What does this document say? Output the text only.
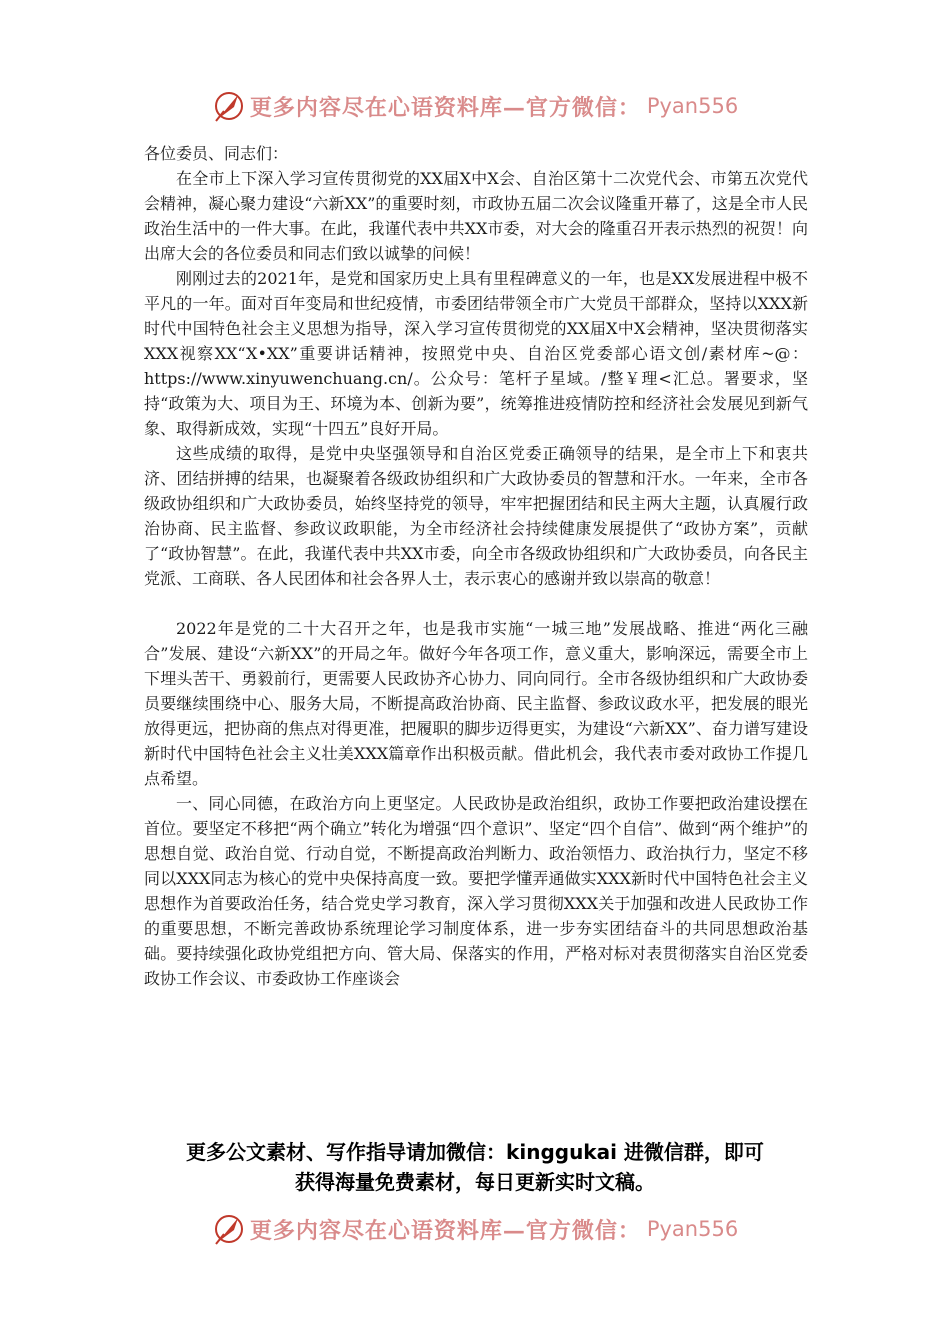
更多内容尽在心语资料库—官方微信： Pyan556

各位委员、同志们：

在全市上下深入学习宣传贯彻党的XX届X中X会、自治区第十二次党代会、市第五次党代会精神，凝心聚力建设“六新XX”的重要时刻，市政协五届二次会议隆重开幕了，这是全市人民政治生活中的一件大事。在此，我谨代表中共XX市委，对大会的隆重召开表示热烈的祝贺！向出席大会的各位委员和同志们致以诚挚的问候！

刚刚过去的2021年，是党和国家历史上具有里程碑意义的一年，也是XX发展进程中极不平凡的一年。面对百年变局和世纪疫情，市委团结带领全市广大党员干部群众，坚持以XXX新时代中国特色社会主义思想为指导，深入学习宣传贯彻党的XX届X中X会精神，坚决贯彻落实XXX视察XX“X•XX”重要讲话精神，按照党中央、自治区党委部心语文创/素材库~@：https://www.xinyuwenchuang.cn/。公众号：笔杆子星域。/整￥理<汇总。署要求，坚持“政策为大、项目为王、环境为本、创新为要”，统筹推进疫情防控和经济社会发展见到新气象、取得新成效，实现“十四五”良好开局。

这些成绩的取得，是党中央坚强领导和自治区党委正确领导的结果，是全市上下和衷共济、团结拼搏的结果，也凝聚着各级政协组织和广大政协委员的智慧和汗水。一年来，全市各级政协组织和广大政协委员，始终坚持党的领导，牢牢把握团结和民主两大主题，认真履行政治协商、民主监督、参政议政职能，为全市经济社会持续健康发展提供了“政协方案”，贡献了“政协智慧”。在此，我谨代表中共XX市委，向全市各级政协组织和广大政协委员，向各民主党派、工商联、各人民团体和社会各界人士，表示衷心的感谢并致以崇高的敬意！

2022年是党的二十大召开之年，也是我市实施“一城三地”发展战略、推进“两化三融合”发展、建设“六新XX”的开局之年。做好今年各项工作，意义重大，影响深远，需要全市上下埋头苦干、勇毅前行，更需要人民政协齐心协力、同向同行。全市各级协组织和广大政协委员要继续围绕中心、服务大局，不断提高政治协商、民主监督、参政议政水平，把发展的眼光放得更远，把协商的焦点对得更准，把履职的脚步迈得更实，为建设“六新XX”、奋力谱写建设新时代中国特色社会主义壮美XXX篇章作出积极贡献。借此机会，我代表市委对政协工作提几点希望。

一、同心同德，在政治方向上更坚定。人民政协是政治组织，政协工作要把政治建设摆在首位。要坚定不移把“两个确立”转化为增强“四个意识”、坚定“四个自信”、做到“两个维护”的思想自觉、政治自觉、行动自觉，不断提高政治判断力、政治领悟力、政治执行力，坚定不移同以XXX同志为核心的党中央保持高度一致。要把学懂弄通做实XXX新时代中国特色社会主义思想作为首要政治任务，结合党史学习教育，深入学习贯彻XXX关于加强和改进人民政协工作的重要思想，不断完善政协系统理论学习制度体系，进一步夯实团结奋斗的共同思想政治基础。要持续强化政协党组把方向、管大局、保落实的作用，严格对标对表贯彻落实自治区党委政协工作会议、市委政协工作座谈会

更多公文素材、写作指导请加微信：kinggukai 进微信群，即可
获得海量免费素材，每日更新实时文稿。
更多内容尽在心语资料库—官方微信： Pyan556
